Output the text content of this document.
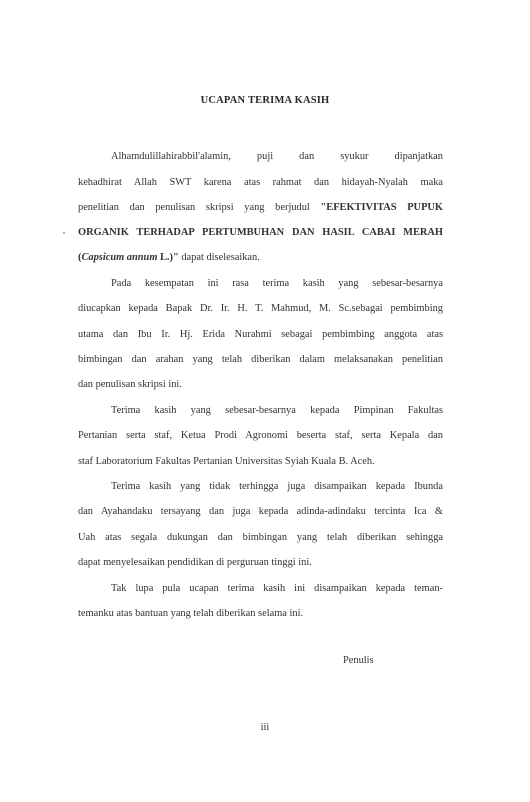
UCAPAN TERIMA KASIH
Alhamdulillahirabbil'alamin, puji dan syukur dipanjatkan
kehadhirat Allah SWT karena atas rahmat dan hidayah-Nyalah maka
penelitian dan penulisan skripsi yang berjudul "EFEKTIVITAS PUPUK
ORGANIK TERHADAP PERTUMBUHAN DAN HASIL CABAI MERAH
(Capsicum annum L.)" dapat diselesaikan.
Pada kesempatan ini rasa terima kasih yang sebesar-besarnya
diucapkan kepada Bapak Dr. Ir. H. T. Mahmud, M. Sc.sebagai pembimbing
utama dan Ibu Ir. Hj. Erida Nurahmi sebagai pembimbing anggota atas
bimbingan dan arahan yang telah diberikan dalam melaksanakan penelitian
dan penulisan skripsi ini.
Terima kasih yang sebesar-besarnya kepada Pimpinan Fakultas
Pertanian serta staf, Ketua Prodi Agronomi beserta staf, serta Kepala dan
staf Laboratorium Fakultas Pertanian Universitas Syiah Kuala B. Aceh.
Terima kasih yang tidak terhingga juga disampaikan kepada Ibunda
dan Ayahandaku tersayang dan juga kepada adinda-adindaku tercinta Ica &
Uah atas segala dukungan dan bimbingan yang telah diberikan sehingga
dapat menyelesaikan pendidikan di perguruan tinggi ini.
Tak lupa pula ucapan terima kasih ini disampaikan kepada teman-
temanku atas bantuan yang telah diberikan selama ini.
Penulis
iii
